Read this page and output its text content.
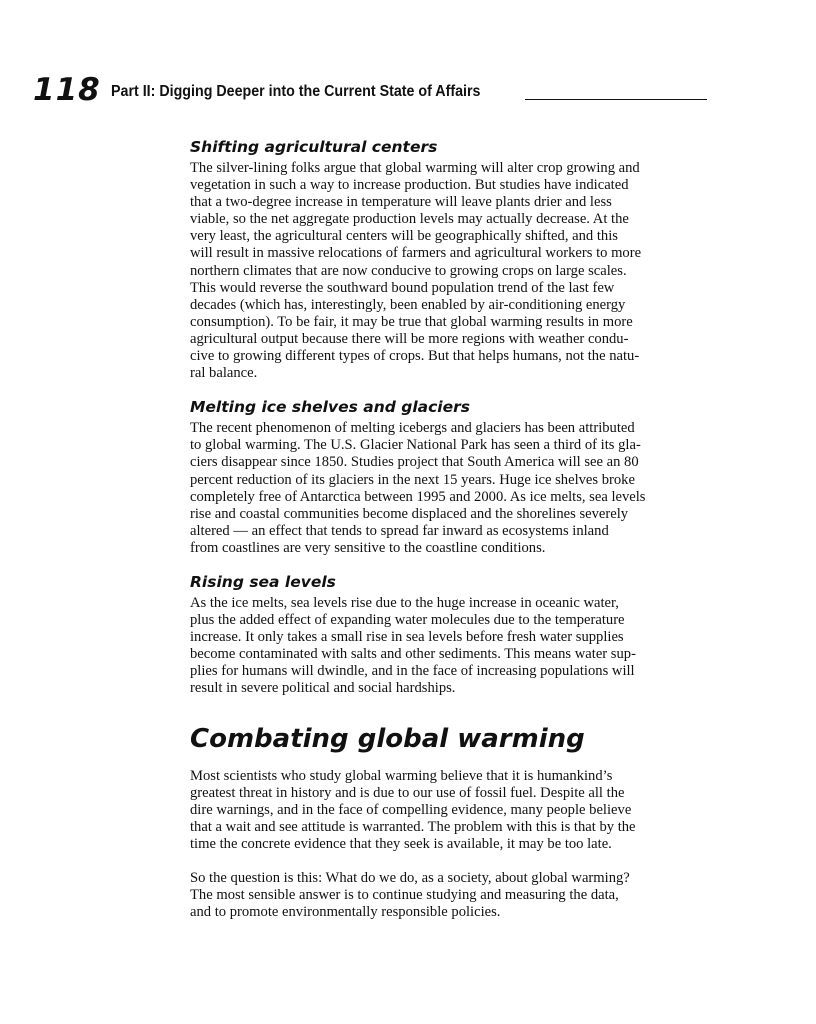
118 Part II: Digging Deeper into the Current State of Affairs
Shifting agricultural centers

The silver-lining folks argue that global warming will alter crop growing and
vegetation in such a way to increase production. But studies have indicated
that a two-degree increase in temperature will leave plants drier and less
viable, so the net aggregate production levels may actually decrease. At the
very least, the agricultural centers will be geographically shifted, and this
will result in massive relocations of farmers and agricultural workers to more
northern climates that are now conducive to growing crops on large scales.
This would reverse the southward bound population trend of the last few
decades (which has, interestingly, been enabled by air-conditioning energy
consumption). To be fair, it may be true that global warming results in more
agricultural output because there will be more regions with weather condu-
cive to growing different types of crops. But that helps humans, not the natu-
ral balance.

Melting ice shelves and glaciers

The recent phenomenon of melting icebergs and glaciers has been attributed
to global warming. The U.S. Glacier National Park has seen a third of its gla-
ciers disappear since 1850. Studies project that South America will see an 80
percent reduction of its glaciers in the next 15 years. Huge ice shelves broke
completely free of Antarctica between 1995 and 2000. As ice melts, sea levels
rise and coastal communities become displaced and the shorelines severely
altered — an effect that tends to spread far inward as ecosystems inland
from coastlines are very sensitive to the coastline conditions.

Rising sea levels

As the ice melts, sea levels rise due to the huge increase in oceanic water,
plus the added effect of expanding water molecules due to the temperature
increase. It only takes a small rise in sea levels before fresh water supplies
become contaminated with salts and other sediments. This means water sup-
plies for humans will dwindle, and in the face of increasing populations will
result in severe political and social hardships.

Combating global warming

Most scientists who study global warming believe that it is humankind’s
greatest threat in history and is due to our use of fossil fuel. Despite all the
dire warnings, and in the face of compelling evidence, many people believe
that a wait and see attitude is warranted. The problem with this is that by the
time the concrete evidence that they seek is available, it may be too late.

So the question is this: What do we do, as a society, about global warming?
The most sensible answer is to continue studying and measuring the data,
and to promote environmentally responsible policies.
